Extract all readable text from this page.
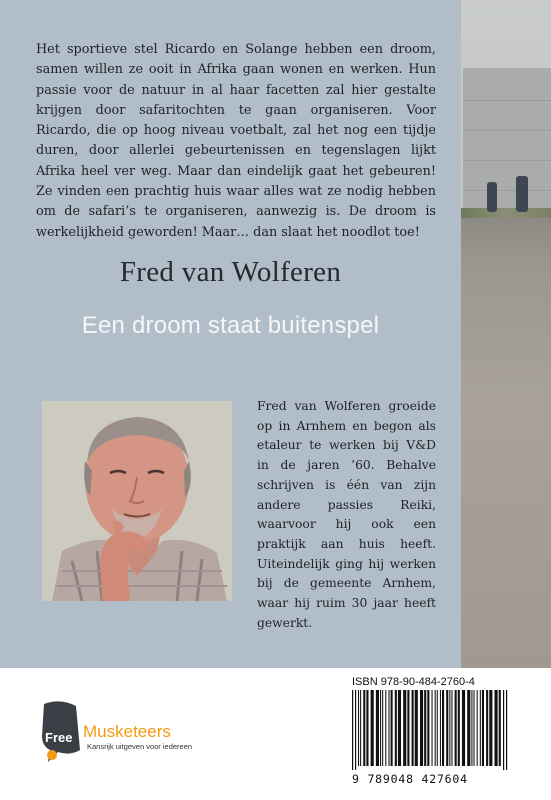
Het sportieve stel Ricardo en Solange hebben een droom, samen willen ze ooit in Afrika gaan wonen en werken. Hun passie voor de natuur in al haar facetten zal hier gestalte krijgen door safaritochten te gaan organiseren. Voor Ricardo, die op hoog niveau voetbalt, zal het nog een tijdje duren, door allerlei gebeurtenissen en tegenslagen lijkt Afrika heel ver weg. Maar dan eindelijk gaat het gebeuren! Ze vinden een prachtig huis waar alles wat ze nodig hebben om de safari’s te organiseren, aanwezig is. De droom is werkelijkheid geworden! Maar… dan slaat het noodlot toe!
Fred van Wolferen
Een droom staat buitenspel
Fred van Wolferen groeide op in Arnhem en begon als etaleur te werken bij V&D in de jaren ’60. Behalve schrijven is één van zijn andere passies Reiki, waarvoor hij ook een praktijk aan huis heeft. Uiteindelijk ging hij werken bij de gemeente Arnhem, waar hij ruim 30 jaar heeft gewerkt.
Free Musketeers
Kansrijk uitgeven voor iedereen
ISBN 978-90-484-2760-4
9 789048 427604
